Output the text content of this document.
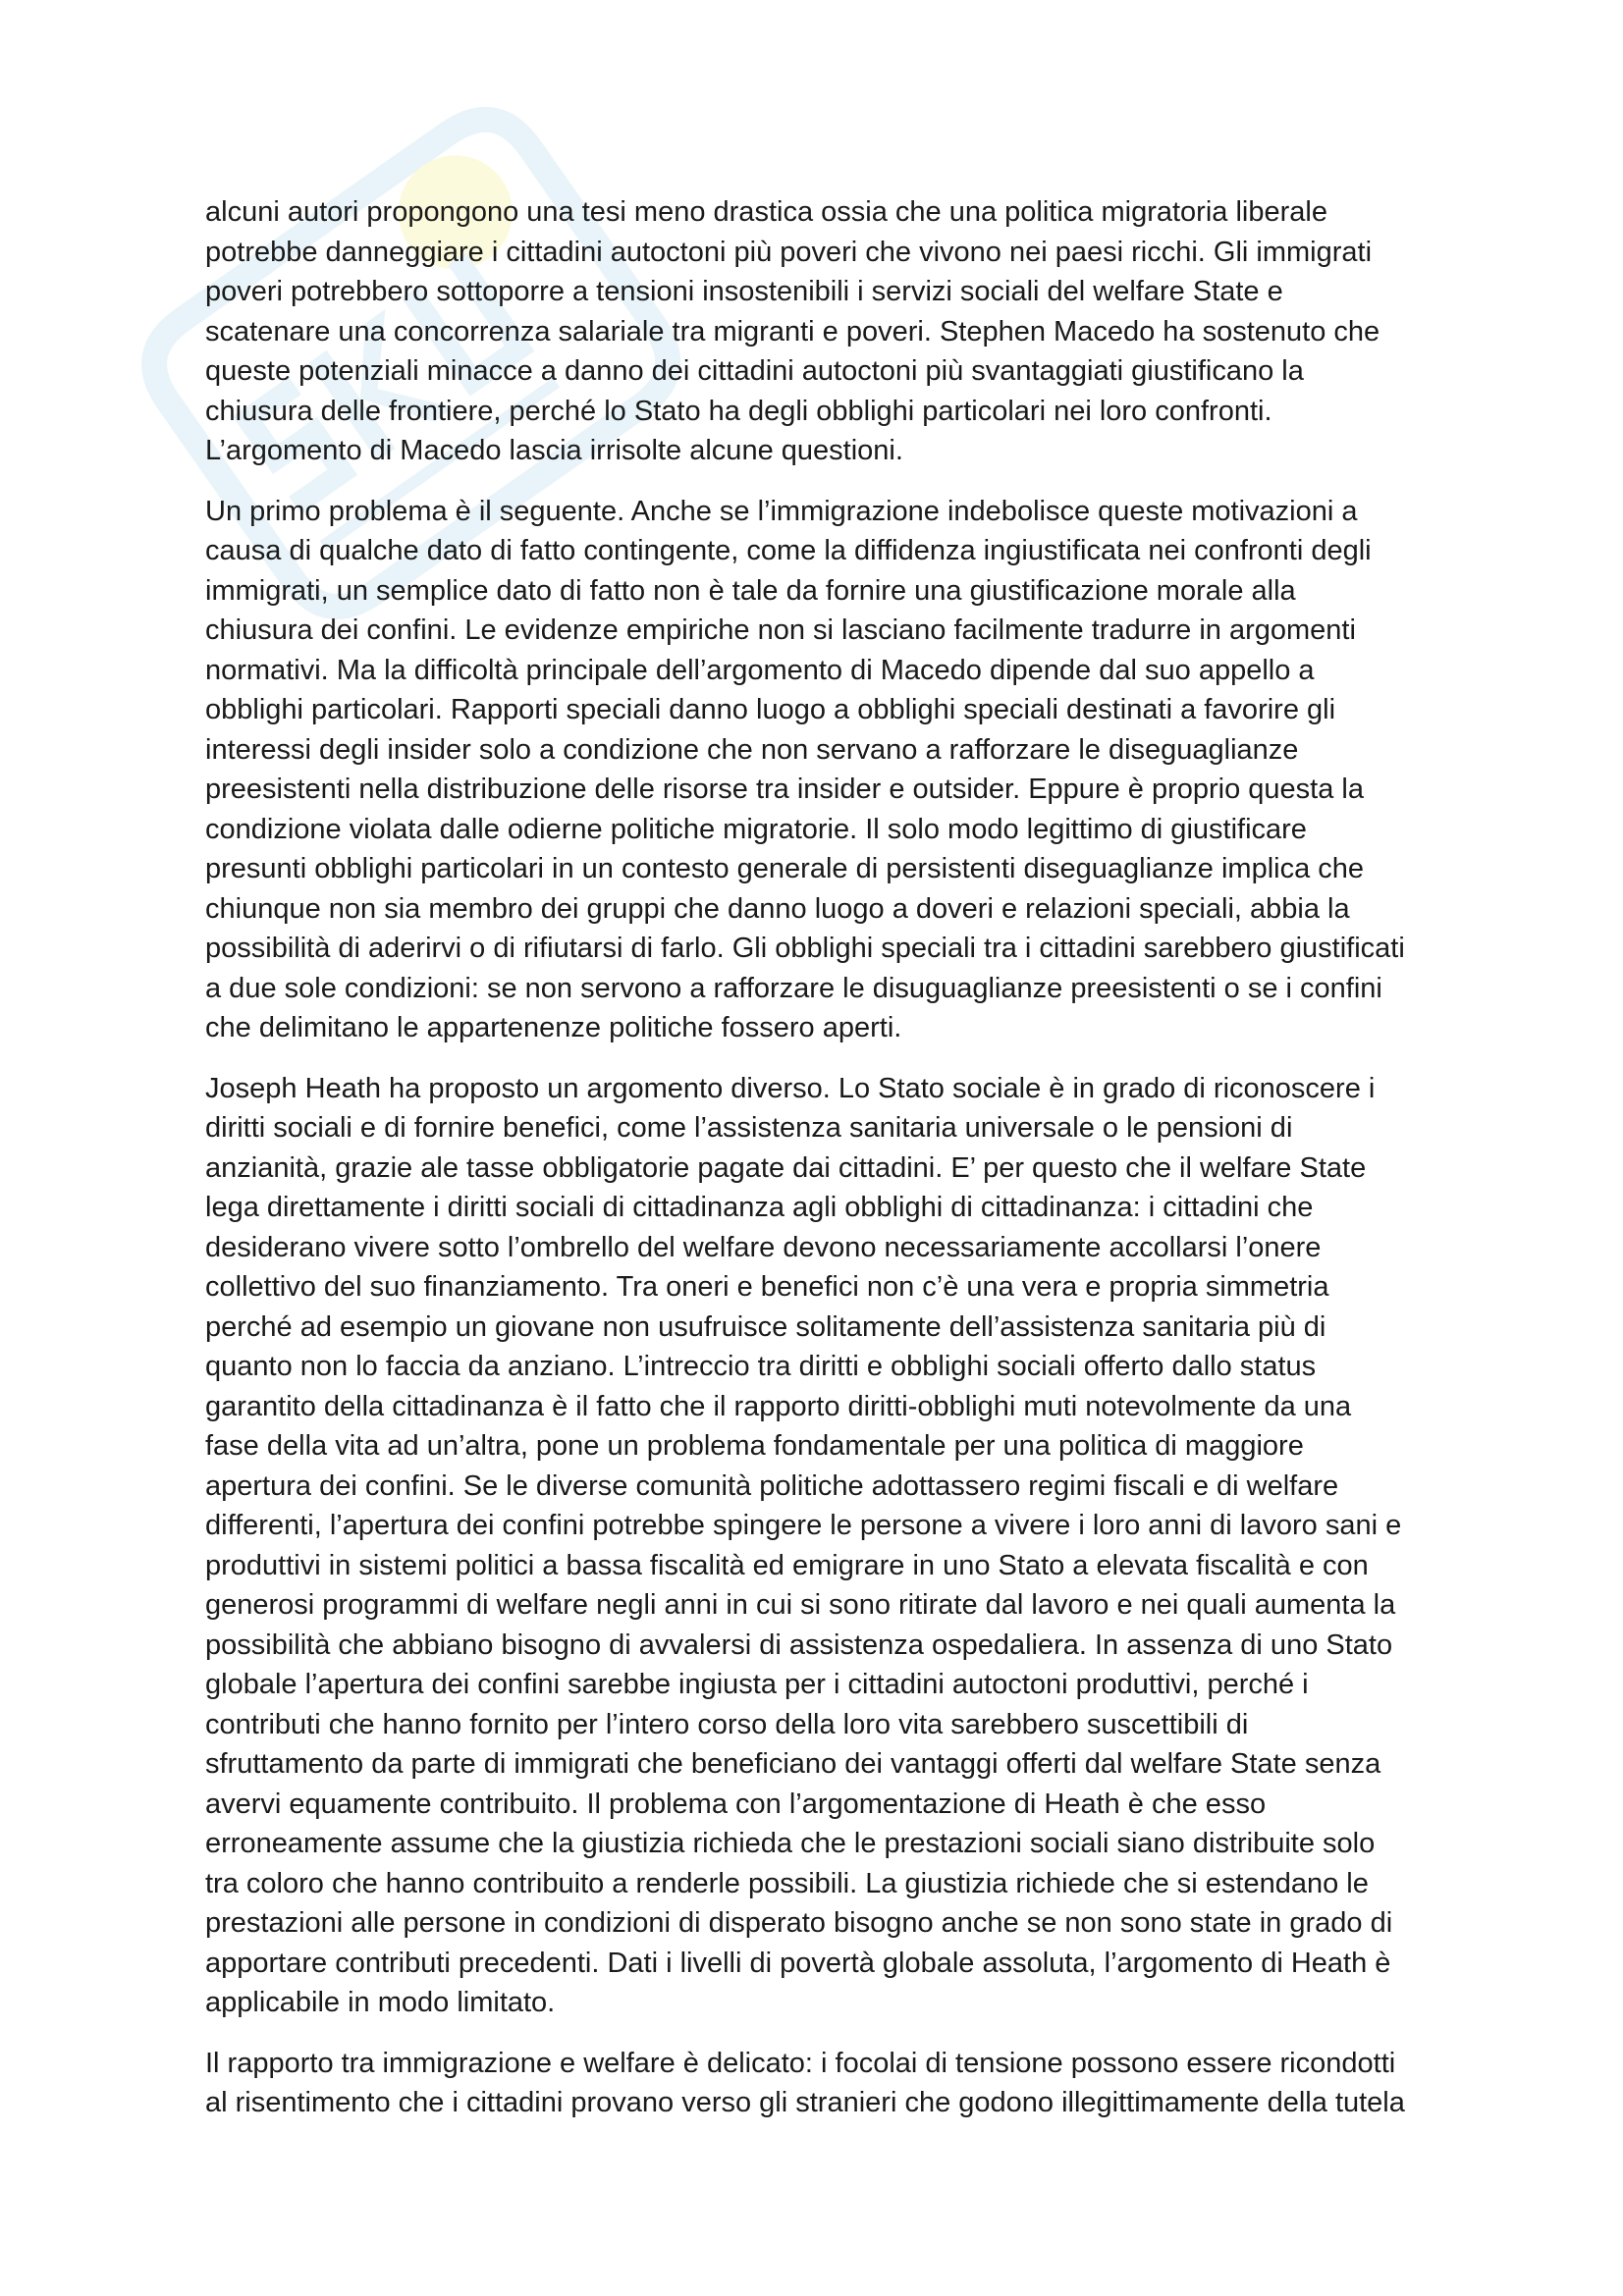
alcuni autori propongono una tesi meno drastica ossia che una politica migratoria liberale
potrebbe danneggiare i cittadini autoctoni più poveri che vivono nei paesi ricchi. Gli immigrati
poveri potrebbero sottoporre a tensioni insostenibili i servizi sociali del welfare State e
scatenare una concorrenza salariale tra migranti e poveri. Stephen Macedo ha sostenuto che
queste potenziali minacce a danno dei cittadini autoctoni più svantaggiati giustificano la
chiusura delle frontiere, perché lo Stato ha degli obblighi particolari nei loro confronti.
L’argomento di Macedo lascia irrisolte alcune questioni.
Un primo problema è il seguente. Anche se l’immigrazione indebolisce queste motivazioni a
causa di qualche dato di fatto contingente, come la diffidenza ingiustificata nei confronti degli
immigrati, un semplice dato di fatto non è tale da fornire una giustificazione morale alla
chiusura dei confini. Le evidenze empiriche non si lasciano facilmente tradurre in argomenti
normativi. Ma la difficoltà principale dell’argomento di Macedo dipende dal suo appello a
obblighi particolari. Rapporti speciali danno luogo a obblighi speciali destinati a favorire gli
interessi degli insider solo a condizione che non servano a rafforzare le diseguaglianze
preesistenti nella distribuzione delle risorse tra insider e outsider. Eppure è proprio questa la
condizione violata dalle odierne politiche migratorie. Il solo modo legittimo di giustificare
presunti obblighi particolari in un contesto generale di persistenti diseguaglianze implica che
chiunque non sia membro dei gruppi che danno luogo a doveri e relazioni speciali, abbia la
possibilità di aderirvi o di rifiutarsi di farlo. Gli obblighi speciali tra i cittadini sarebbero giustificati
a due sole condizioni: se non servono a rafforzare le disuguaglianze preesistenti o se i confini
che delimitano le appartenenze politiche fossero aperti.
Joseph Heath ha proposto un argomento diverso. Lo Stato sociale è in grado di riconoscere i
diritti sociali e di fornire benefici, come l’assistenza sanitaria universale o le pensioni di
anzianità, grazie ale tasse obbligatorie pagate dai cittadini. E’ per questo che il welfare State
lega direttamente i diritti sociali di cittadinanza agli obblighi di cittadinanza: i cittadini che
desiderano vivere sotto l’ombrello del welfare devono necessariamente accollarsi l’onere
collettivo del suo finanziamento. Tra oneri e benefici non c’è una vera e propria simmetria
perché ad esempio un giovane non usufruisce solitamente dell’assistenza sanitaria più di
quanto non lo faccia da anziano. L’intreccio tra diritti e obblighi sociali offerto dallo status
garantito della cittadinanza è il fatto che il rapporto diritti-obblighi muti notevolmente da una
fase della vita ad un’altra, pone un problema fondamentale per una politica di maggiore
apertura dei confini. Se le diverse comunità politiche adottassero regimi fiscali e di welfare
differenti, l’apertura dei confini potrebbe spingere le persone a vivere i loro anni di lavoro sani e
produttivi in sistemi politici a bassa fiscalità ed emigrare in uno Stato a elevata fiscalità e con
generosi programmi di welfare negli anni in cui si sono ritirate dal lavoro e nei quali aumenta la
possibilità che abbiano bisogno di avvalersi di assistenza ospedaliera. In assenza di uno Stato
globale l’apertura dei confini sarebbe ingiusta per i cittadini autoctoni produttivi, perché i
contributi che hanno fornito per l’intero corso della loro vita sarebbero suscettibili di
sfruttamento da parte di immigrati che beneficiano dei vantaggi offerti dal welfare State senza
avervi equamente contribuito. Il problema con l’argomentazione di Heath è che esso
erroneamente assume che la giustizia richieda che le prestazioni sociali siano distribuite solo
tra coloro che hanno contribuito a renderle possibili. La giustizia richiede che si estendano le
prestazioni alle persone in condizioni di disperato bisogno anche se non sono state in grado di
apportare contributi precedenti. Dati i livelli di povertà globale assoluta, l’argomento di Heath è
applicabile in modo limitato.
Il rapporto tra immigrazione e welfare è delicato: i focolai di tensione possono essere ricondotti
al risentimento che i cittadini provano verso gli stranieri che godono illegittimamente della tutela
